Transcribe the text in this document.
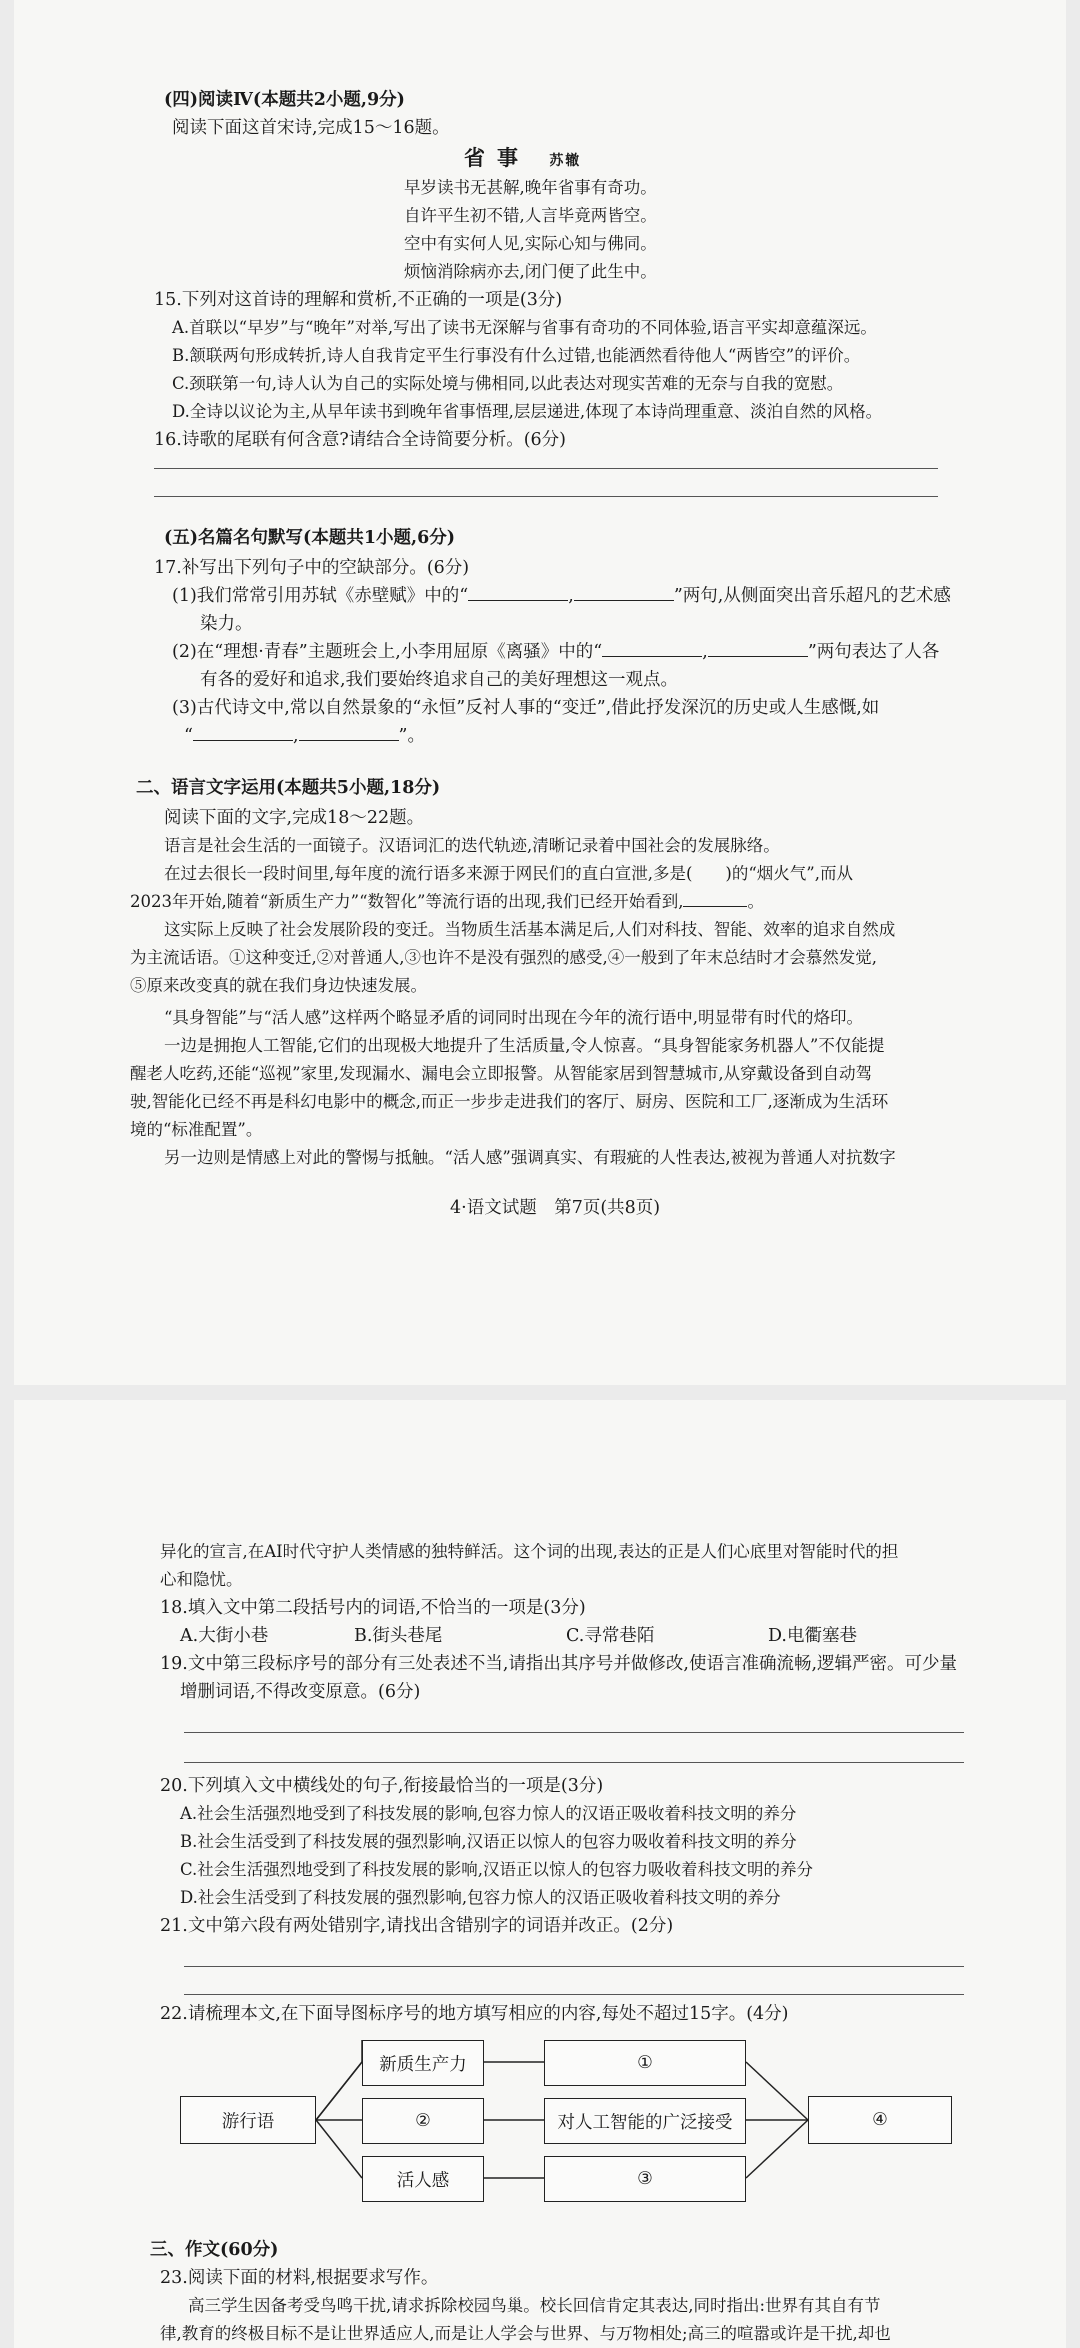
(四)阅读Ⅳ(本题共2小题,9分)
阅读下面这首宋诗,完成15～16题。
省事 苏辙
早岁读书无甚解,晚年省事有奇功。
自许平生初不错,人言毕竟两皆空。
空中有实何人见,实际心知与佛同。
烦恼消除病亦去,闭门便了此生中。
15.下列对这首诗的理解和赏析,不正确的一项是(3分)
A.首联以“早岁”与“晚年”对举,写出了读书无深解与省事有奇功的不同体验,语言平实却意蕴深远。
B.颔联两句形成转折,诗人自我肯定平生行事没有什么过错,也能洒然看待他人“两皆空”的评价。
C.颈联第一句,诗人认为自己的实际处境与佛相同,以此表达对现实苦难的无奈与自我的宽慰。
D.全诗以议论为主,从早年读书到晚年省事悟理,层层递进,体现了本诗尚理重意、淡泊自然的风格。
16.诗歌的尾联有何含意?请结合全诗简要分析。(6分)
(五)名篇名句默写(本题共1小题,6分)
17.补写出下列句子中的空缺部分。(6分)
(1)我们常常引用苏轼《赤壁赋》中的“	,	”两句,从侧面突出音乐超凡的艺术感
染力。
(2)在“理想·青春”主题班会上,小李用屈原《离骚》中的“	,	”两句表达了人各
有各的爱好和追求,我们要始终追求自己的美好理想这一观点。
(3)古代诗文中,常以自然景象的“永恒”反衬人事的“变迁”,借此抒发深沉的历史或人生感慨,如
“	,	”。
二、语言文字运用(本题共5小题,18分)
阅读下面的文字,完成18～22题。
语言是社会生活的一面镜子。汉语词汇的迭代轨迹,清晰记录着中国社会的发展脉络。
在过去很长一段时间里,每年度的流行语多来源于网民们的直白宣泄,多是(　　)的“烟火气”,而从
2023年开始,随着“新质生产力”“数智化”等流行语的出现,我们已经开始看到,	。
这实际上反映了社会发展阶段的变迁。当物质生活基本满足后,人们对科技、智能、效率的追求自然成
为主流话语。①这种变迁,②对普通人,③也许不是没有强烈的感受,④一般到了年末总结时才会慕然发觉,
⑤原来改变真的就在我们身边快速发展。
“具身智能”与“活人感”这样两个略显矛盾的词同时出现在今年的流行语中,明显带有时代的烙印。
一边是拥抱人工智能,它们的出现极大地提升了生活质量,令人惊喜。“具身智能家务机器人”不仅能提
醒老人吃药,还能“巡视”家里,发现漏水、漏电会立即报警。从智能家居到智慧城市,从穿戴设备到自动驾
驶,智能化已经不再是科幻电影中的概念,而正一步步走进我们的客厅、厨房、医院和工厂,逐渐成为生活环
境的“标准配置”。
另一边则是情感上对此的警惕与抵触。“活人感”强调真实、有瑕疵的人性表达,被视为普通人对抗数字
4·语文试题　第7页(共8页)
异化的宣言,在AI时代守护人类情感的独特鲜活。这个词的出现,表达的正是人们心底里对智能时代的担
心和隐忧。
18.填入文中第二段括号内的词语,不恰当的一项是(3分)
A.大街小巷	B.街头巷尾	C.寻常巷陌	D.电衢塞巷
19.文中第三段标序号的部分有三处表述不当,请指出其序号并做修改,使语言准确流畅,逻辑严密。可少量
增删词语,不得改变原意。(6分)
20.下列填入文中横线处的句子,衔接最恰当的一项是(3分)
A.社会生活强烈地受到了科技发展的影响,包容力惊人的汉语正吸收着科技文明的养分
B.社会生活受到了科技发展的强烈影响,汉语正以惊人的包容力吸收着科技文明的养分
C.社会生活强烈地受到了科技发展的影响,汉语正以惊人的包容力吸收着科技文明的养分
D.社会生活受到了科技发展的强烈影响,包容力惊人的汉语正吸收着科技文明的养分
21.文中第六段有两处错别字,请找出含错别字的词语并改正。(2分)
22.请梳理本文,在下面导图标序号的地方填写相应的内容,每处不超过15字。(4分)
游行语
新质生产力
②
活人感
①
对人工智能的广泛接受
③
④
三、作文(60分)
23.阅读下面的材料,根据要求写作。
高三学生因备考受鸟鸣干扰,请求拆除校园鸟巢。校长回信肯定其表达,同时指出:世界有其自有节
律,教育的终极目标不是让世界适应人,而是让人学会与世界、与万物相处;高三的喧嚣或许是干扰,却也
